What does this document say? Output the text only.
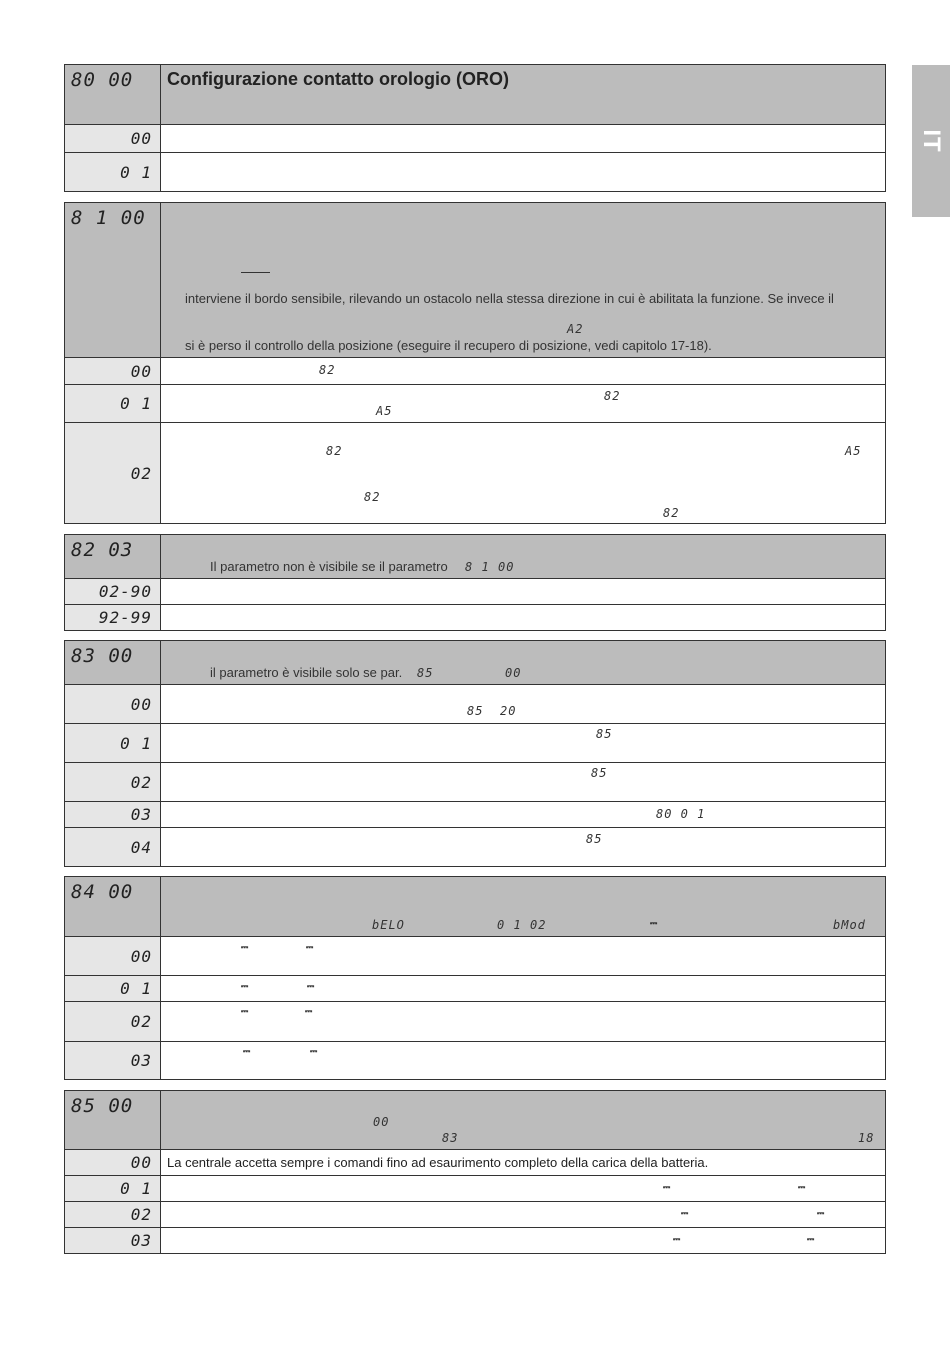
IT
80 00	Configurazione contatto orologio (ORO)

00	
0 1	
8 1 00	interviene il bordo sensibile, rilevando un ostacolo nella stessa direzione in cui è abilitata la funzione. Se invece il
A2
si è perso il controllo della posizione (eseguire il recupero di posizione, vedi capitolo 17-18).

00	82

0 1	82
A5

02	82 A5
82
82
82 03	Il parametro non è visibile se il parametro 8 1 00

02-90	
92-99	
83 00	il parametro è visibile solo se par. 85 00

00	85 20

0 1	85

02	85

03	80 0 1

04	85
84 00	bELO 0 1 02 ⎓ bMod

00	⎓ ⎓

0 1	⎓ ⎓

02	⎓ ⎓

03	⎓ ⎓
85 00	00
83 18

00	La centrale accetta sempre i comandi fino ad esaurimento completo della carica della batteria.
0 1	⎓ ⎓

02	⎓ ⎓

03	⎓ ⎓
